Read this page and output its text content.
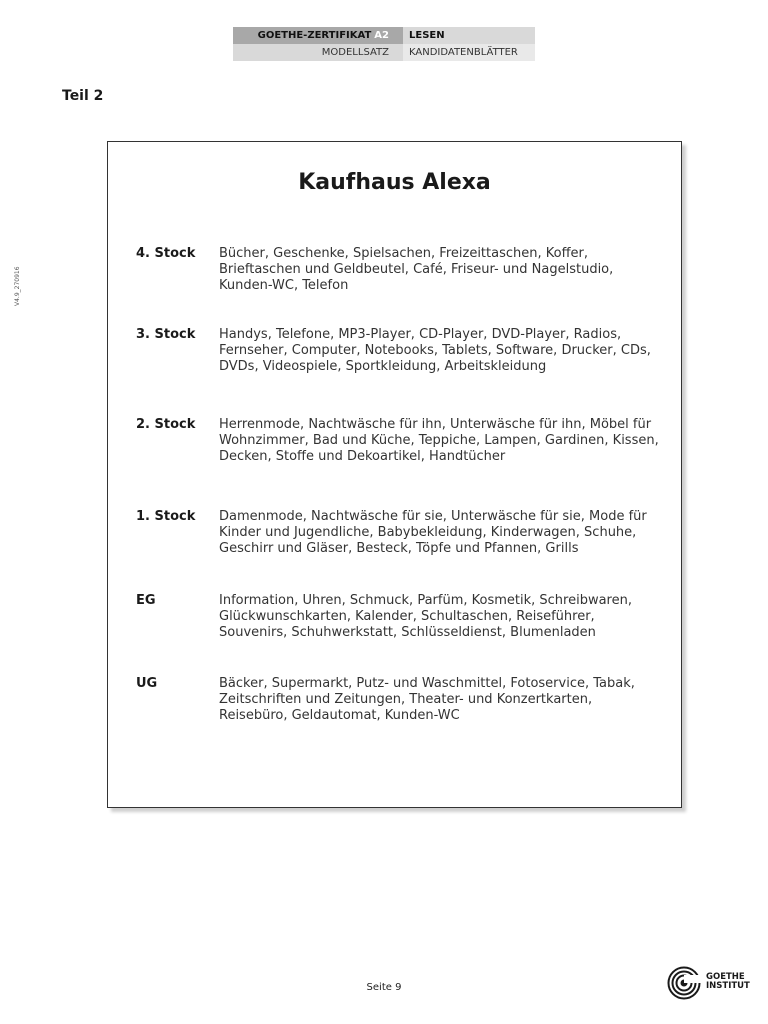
GOETHE-ZERTIFIKAT A2	LESEN
MODELLSATZ	KANDIDATENBLÄTTER
V4.9_270916
Teil 2
Kaufhaus Alexa
4. Stock Bücher, Geschenke, Spielsachen, Freizeittaschen, Koffer, Brieftaschen und Geldbeutel, Café, Friseur- und Nagelstudio, Kunden-WC, Telefon
3. Stock Handys, Telefone, MP3-Player, CD-Player, DVD-Player, Radios, Fernseher, Computer, Notebooks, Tablets, Software, Drucker, CDs, DVDs, Videospiele, Sportkleidung, Arbeitskleidung
2. Stock Herrenmode, Nachtwäsche für ihn, Unterwäsche für ihn, Möbel für Wohnzimmer, Bad und Küche, Teppiche, Lampen, Gardinen, Kissen, Decken, Stoffe und Dekoartikel, Handtücher
1. Stock Damenmode, Nachtwäsche für sie, Unterwäsche für sie, Mode für Kinder und Jugendliche, Babybekleidung, Kinderwagen, Schuhe, Geschirr und Gläser, Besteck, Töpfe und Pfannen, Grills
EG	Information, Uhren, Schmuck, Parfüm, Kosmetik, Schreibwaren, Glückwunschkarten, Kalender, Schultaschen, Reiseführer, Souvenirs, Schuhwerkstatt, Schlüsseldienst, Blumenladen
UG	Bäcker, Supermarkt, Putz- und Waschmittel, Fotoservice, Tabak, Zeitschriften und Zeitungen, Theater- und Konzertkarten, Reisebüro, Geldautomat, Kunden-WC
Seite 9
GOETHE
INSTITUT
